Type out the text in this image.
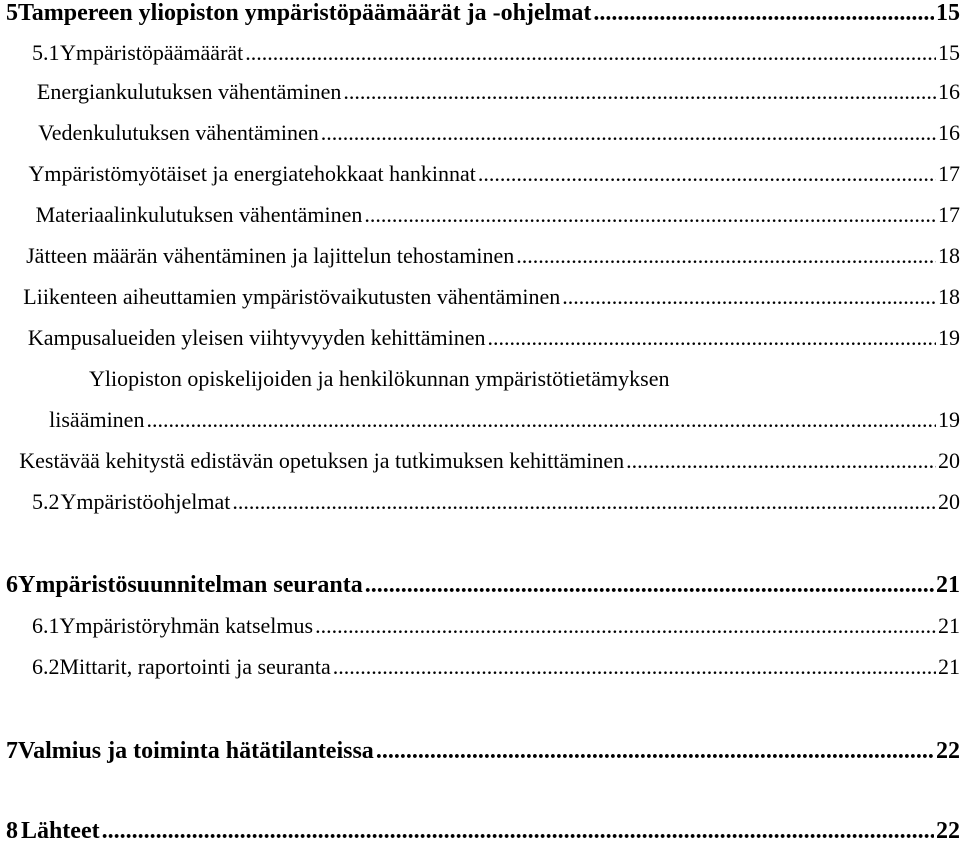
5 Tampereen yliopiston ympäristöpäämäärät ja -ohjelmat .....	15
5.1 Ympäristöpäämäärät .....	15
Energiankulutuksen vähentäminen .....	16
Vedenkulutuksen vähentäminen .....	16
Ympäristömyötäiset ja energiatehokkaat hankinnat .....	17
Materiaalinkulutuksen vähentäminen .....	17
Jätteen määrän vähentäminen ja lajittelun tehostaminen .....	18
Liikenteen aiheuttamien ympäristövaikutusten vähentäminen .....	18
Kampusalueiden yleisen viihtyvyyden kehittäminen .....	19
Yliopiston opiskelijoiden ja henkilökunnan ympäristötietämyksen
lisääminen .....	19
Kestävää kehitystä edistävän opetuksen ja tutkimuksen kehittäminen .....	20
5.2 Ympäristöohjelmat .....	20
6 Ympäristösuunnitelman seuranta .....	21
6.1 Ympäristöryhmän katselmus .....	21
6.2 Mittarit, raportointi ja seuranta .....	21
7 Valmius ja toiminta hätätilanteissa .....	22
8 Lähteet .....	22
